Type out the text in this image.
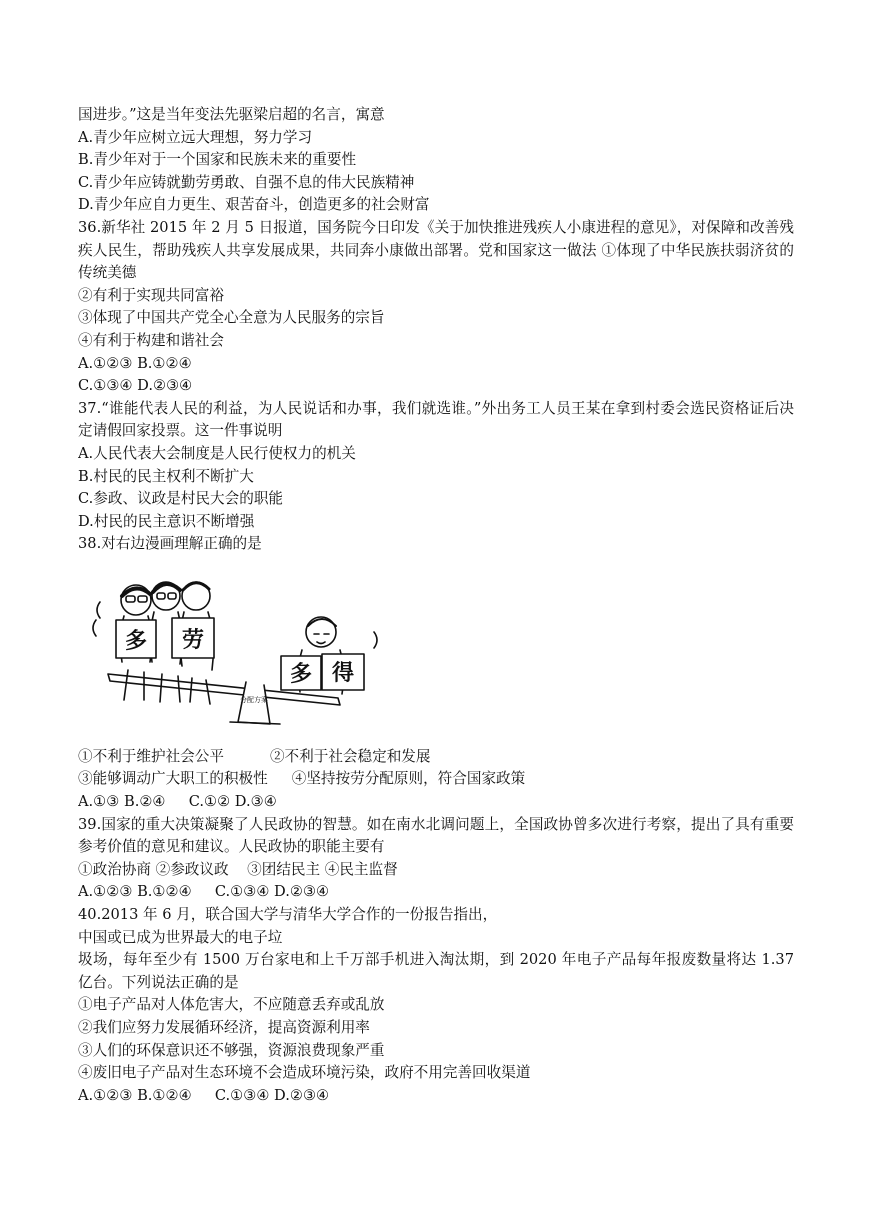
国进步。”这是当年变法先驱梁启超的名言，寓意
A.青少年应树立远大理想，努力学习
B.青少年对于一个国家和民族未来的重要性
C.青少年应铸就勤劳勇敢、自强不息的伟大民族精神
D.青少年应自力更生、艰苦奋斗，创造更多的社会财富
36.新华社 2015 年 2 月 5 日报道，国务院今日印发《关于加快推进残疾人小康进程的意见》，对保障和改善残疾人民生，帮助残疾人共享发展成果，共同奔小康做出部署。党和国家这一做法 ①体现了中华民族扶弱济贫的传统美德
②有利于实现共同富裕
③体现了中国共产党全心全意为人民服务的宗旨
④有利于构建和谐社会
A.①②③ B.①②④
C.①③④ D.②③④
37.“谁能代表人民的利益，为人民说话和办事，我们就选谁。”外出务工人员王某在拿到村委会选民资格证后决定请假回家投票。这一件事说明
A.人民代表大会制度是人民行使权力的机关
B.村民的民主权利不断扩大
C.参政、议政是村民大会的职能
D.村民的民主意识不断增强
38.对右边漫画理解正确的是
多 劳
多 得
分配方案
①不利于维护社会公平	②不利于社会稳定和发展
③能够调动广大职工的积极性 ④坚持按劳分配原则，符合国家政策
A.①③ B.②④     C.①② D.③④
39.国家的重大决策凝聚了人民政协的智慧。如在南水北调问题上，全国政协曾多次进行考察，提出了具有重要参考价值的意见和建议。人民政协的职能主要有
①政治协商 ②参政议政    ③团结民主 ④民主监督
A.①②③ B.①②④     C.①③④ D.②③④
40.2013 年 6 月，联合国大学与清华大学合作的一份报告指出，
中国或已成为世界最大的电子垃
圾场，每年至少有 1500 万台家电和上千万部手机进入淘汰期，到 2020 年电子产品每年报废数量将达 1.37 亿台。下列说法正确的是
①电子产品对人体危害大，不应随意丢弃或乱放
②我们应努力发展循环经济，提高资源利用率
③人们的环保意识还不够强，资源浪费现象严重
④废旧电子产品对生态环境不会造成环境污染，政府不用完善回收渠道
A.①②③ B.①②④     C.①③④ D.②③④
